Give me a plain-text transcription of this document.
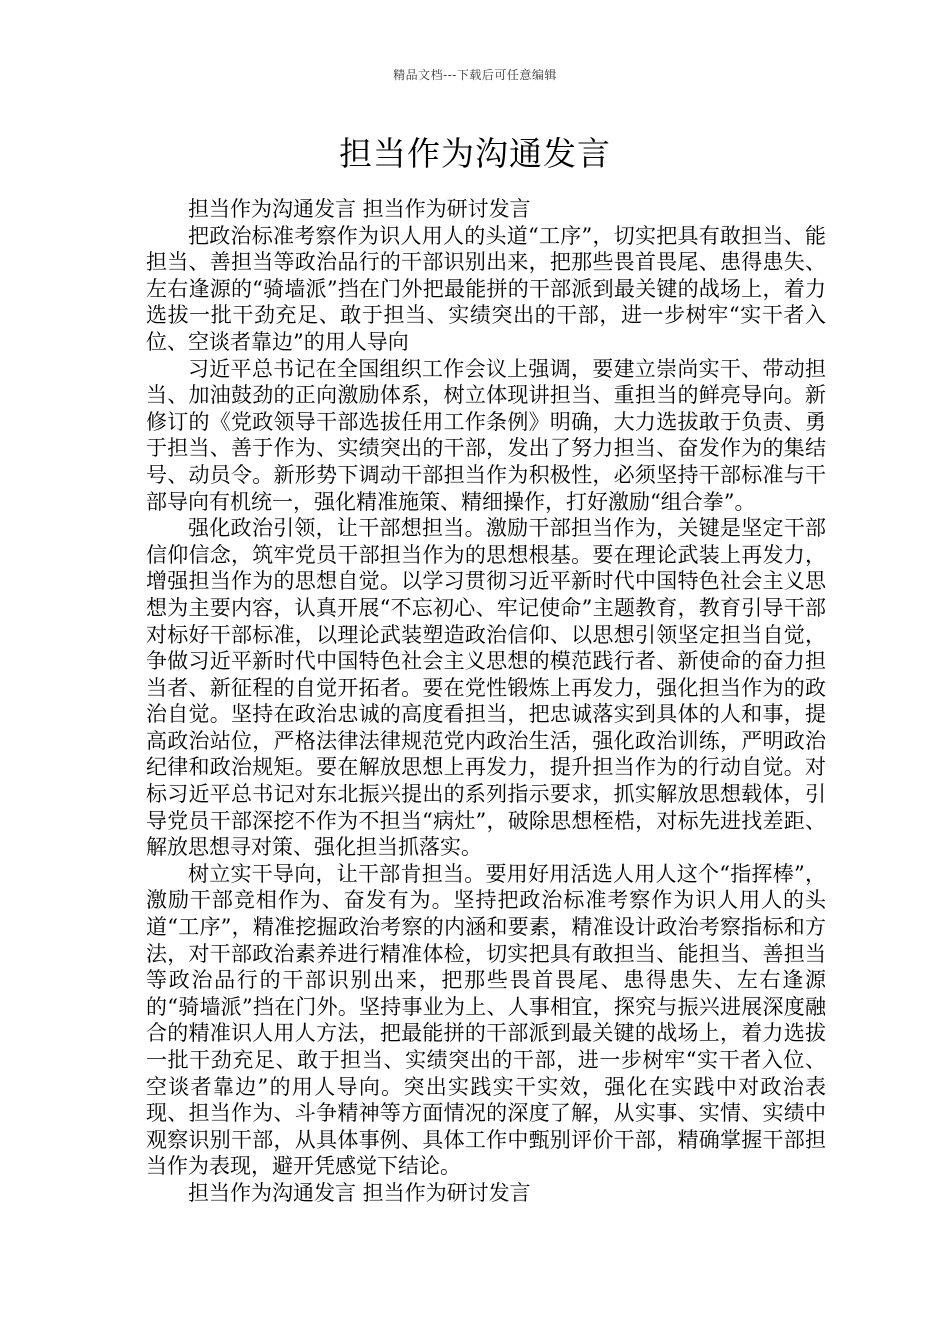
精品文档---下载后可任意编辑
担当作为沟通发言

担当作为沟通发言 担当作为研讨发言

把政治标准考察作为识人用人的头道“工序”，切实把具有敢担当、能担当、善担当等政治品行的干部识别出来，把那些畏首畏尾、患得患失、左右逢源的“骑墙派”挡在门外把最能拼的干部派到最关键的战场上，着力选拔一批干劲充足、敢于担当、实绩突出的干部，进一步树牢“实干者入位、空谈者靠边”的用人导向

习近平总书记在全国组织工作会议上强调，要建立崇尚实干、带动担当、加油鼓劲的正向激励体系，树立体现讲担当、重担当的鲜亮导向。新修订的《党政领导干部选拔任用工作条例》明确，大力选拔敢于负责、勇于担当、善于作为、实绩突出的干部，发出了努力担当、奋发作为的集结号、动员令。新形势下调动干部担当作为积极性，必须坚持干部标准与干部导向有机统一，强化精准施策、精细操作，打好激励“组合拳”。

强化政治引领，让干部想担当。激励干部担当作为，关键是坚定干部信仰信念，筑牢党员干部担当作为的思想根基。要在理论武装上再发力，增强担当作为的思想自觉。以学习贯彻习近平新时代中国特色社会主义思想为主要内容，认真开展“不忘初心、牢记使命”主题教育，教育引导干部对标好干部标准，以理论武装塑造政治信仰、以思想引领坚定担当自觉，争做习近平新时代中国特色社会主义思想的模范践行者、新使命的奋力担当者、新征程的自觉开拓者。要在党性锻炼上再发力，强化担当作为的政治自觉。坚持在政治忠诚的高度看担当，把忠诚落实到具体的人和事，提高政治站位，严格法律法律规范党内政治生活，强化政治训练，严明政治纪律和政治规矩。要在解放思想上再发力，提升担当作为的行动自觉。对标习近平总书记对东北振兴提出的系列指示要求，抓实解放思想载体，引导党员干部深挖不作为不担当“病灶”，破除思想桎梏，对标先进找差距、解放思想寻对策、强化担当抓落实。

树立实干导向，让干部肯担当。要用好用活选人用人这个“指挥棒”，激励干部竞相作为、奋发有为。坚持把政治标准考察作为识人用人的头道“工序”，精准挖掘政治考察的内涵和要素，精准设计政治考察指标和方法，对干部政治素养进行精准体检，切实把具有敢担当、能担当、善担当等政治品行的干部识别出来，把那些畏首畏尾、患得患失、左右逢源的“骑墙派”挡在门外。坚持事业为上、人事相宜，探究与振兴进展深度融合的精准识人用人方法，把最能拼的干部派到最关键的战场上，着力选拔一批干劲充足、敢于担当、实绩突出的干部，进一步树牢“实干者入位、空谈者靠边”的用人导向。突出实践实干实效，强化在实践中对政治表现、担当作为、斗争精神等方面情况的深度了解，从实事、实情、实绩中观察识别干部，从具体事例、具体工作中甄别评价干部，精确掌握干部担当作为表现，避开凭感觉下结论。

担当作为沟通发言 担当作为研讨发言
